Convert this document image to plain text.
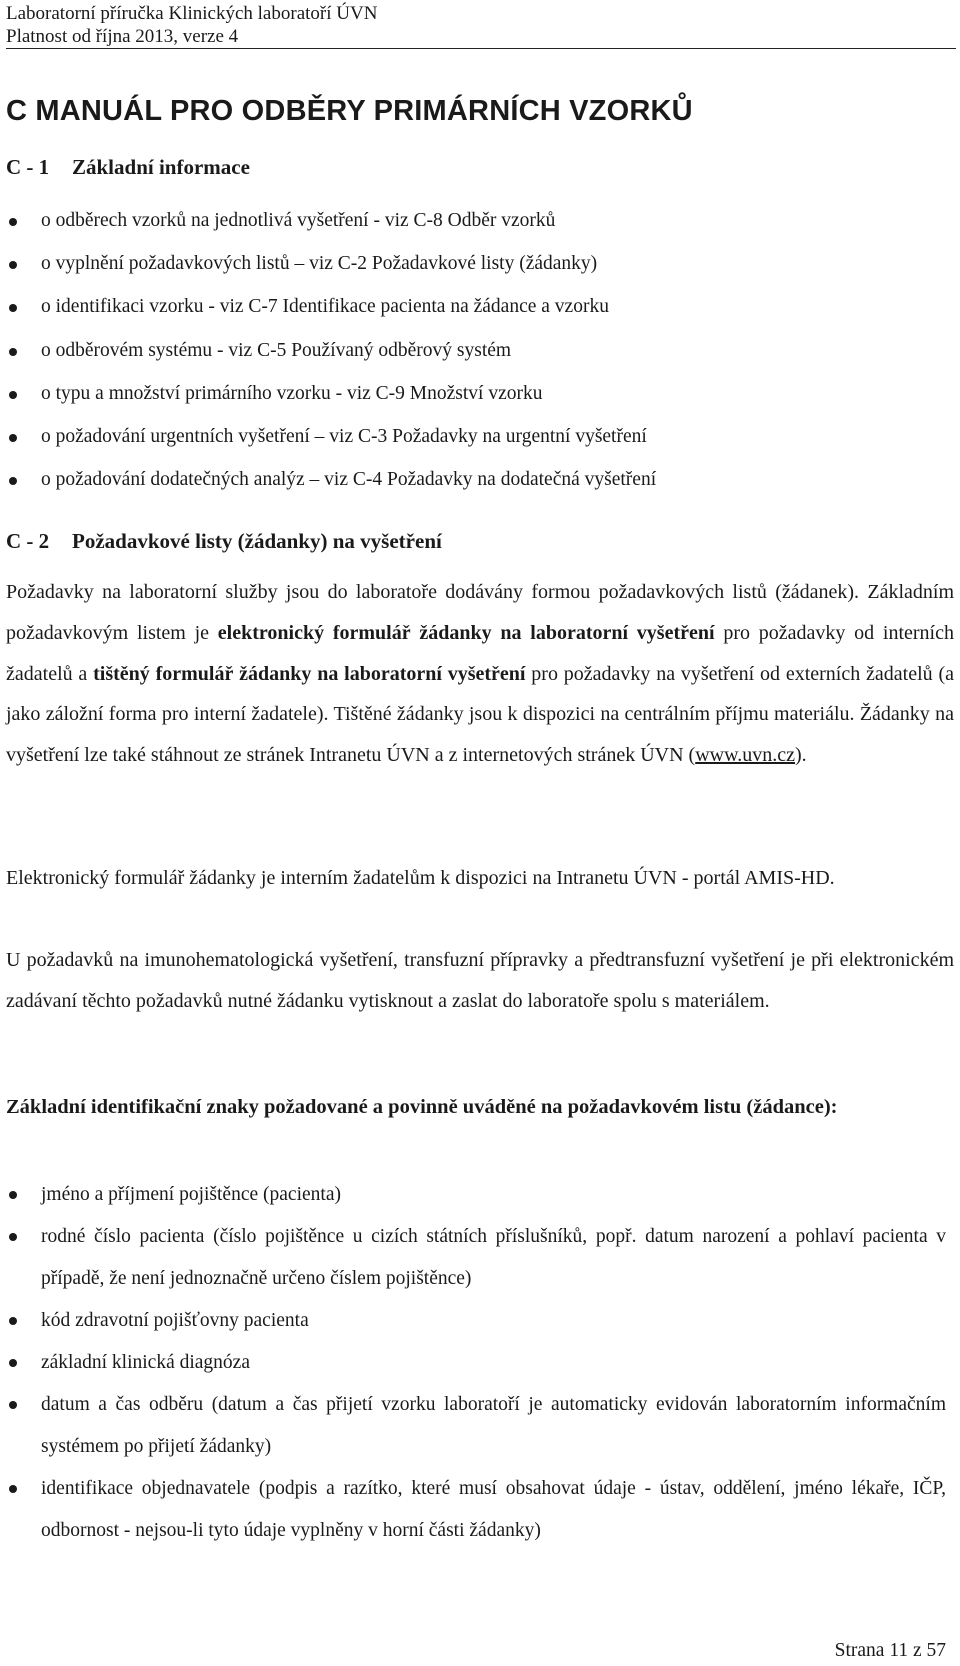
Laboratorní příručka Klinických laboratoří ÚVN
Platnost od října 2013, verze 4
C MANUÁL PRO ODBĚRY PRIMÁRNÍCH VZORKŮ
C - 1 Základní informace
o odběrech vzorků na jednotlivá vyšetření - viz C-8 Odběr vzorků
o vyplnění požadavkových listů – viz C-2 Požadavkové listy (žádanky)
o identifikaci vzorku - viz C-7 Identifikace pacienta na žádance a vzorku
o odběrovém systému - viz C-5 Používaný odběrový systém
o typu a množství primárního vzorku - viz C-9 Množství vzorku
o požadování urgentních vyšetření – viz C-3 Požadavky na urgentní vyšetření
o požadování dodatečných analýz – viz C-4 Požadavky na dodatečná vyšetření
C - 2 Požadavkové listy (žádanky) na vyšetření

Požadavky na laboratorní služby jsou do laboratoře dodávány formou požadavkových listů (žádanek). Základním požadavkovým listem je elektronický formulář žádanky na laboratorní vyšetření pro požadavky od interních žadatelů a tištěný formulář žádanky na laboratorní vyšetření pro požadavky na vyšetření od externích žadatelů (a jako záložní forma pro interní žadatele). Tištěné žádanky jsou k dispozici na centrálním příjmu materiálu. Žádanky na vyšetření lze také stáhnout ze stránek Intranetu ÚVN a z internetových stránek ÚVN (www.uvn.cz).

Elektronický formulář žádanky je interním žadatelům k dispozici na Intranetu ÚVN - portál AMIS-HD.

U požadavků na imunohematologická vyšetření, transfuzní přípravky a předtransfuzní vyšetření je při elektronickém zadávaní těchto požadavků nutné žádanku vytisknout a zaslat do laboratoře spolu s materiálem.

Základní identifikační znaky požadované a povinně uváděné na požadavkovém listu (žádance):

jméno a příjmení pojištěnce (pacienta)
rodné číslo pacienta (číslo pojištěnce u cizích státních příslušníků, popř. datum narození a pohlaví pacienta v případě, že není jednoznačně určeno číslem pojištěnce)
kód zdravotní pojišťovny pacienta
základní klinická diagnóza
datum a čas odběru (datum a čas přijetí vzorku laboratoří je automaticky evidován laboratorním informačním systémem po přijetí žádanky)
identifikace objednavatele (podpis a razítko, které musí obsahovat údaje - ústav, oddělení, jméno lékaře, IČP, odbornost - nejsou-li tyto údaje vyplněny v horní části žádanky)
Strana 11 z 57
